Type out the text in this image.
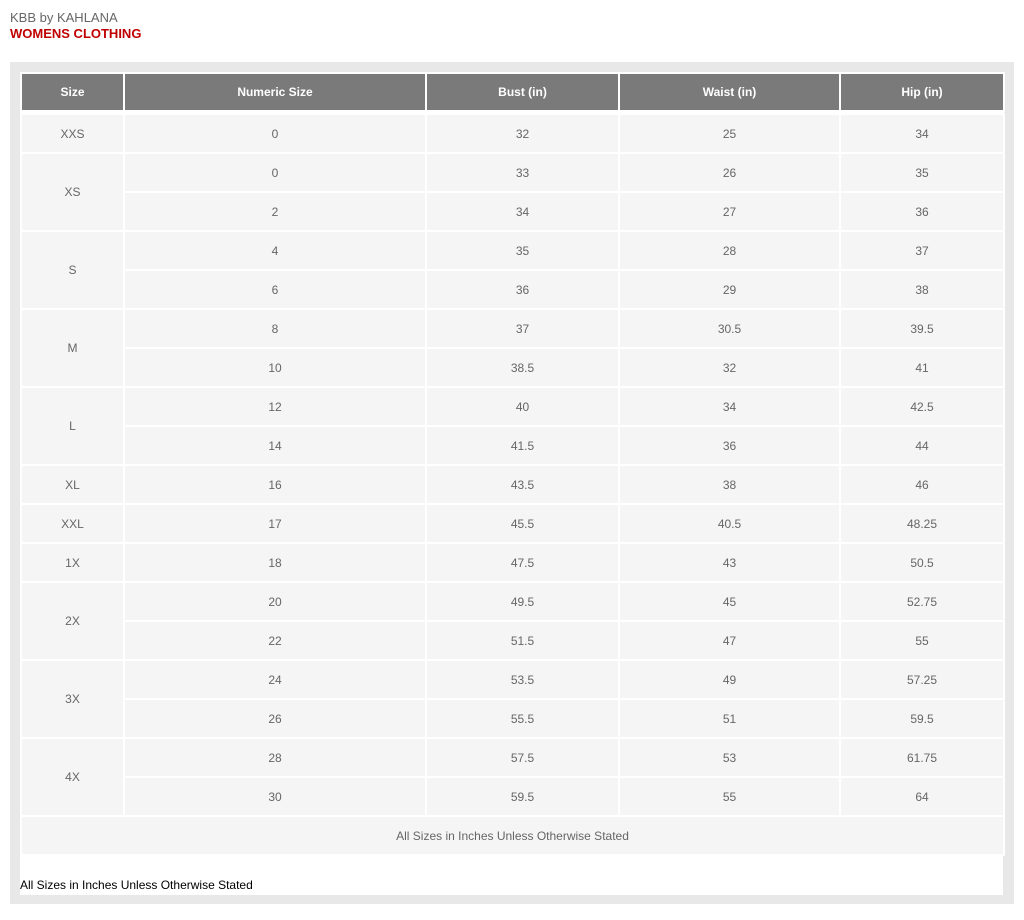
KBB by KAHLANA
WOMENS CLOTHING
Size	Numeric Size	Bust (in)	Waist (in)	Hip (in)

XXS	0	32	25	34
XS	0	33	26	35
	2	34	27	36
S	4	35	28	37
	6	36	29	38
M	8	37	30.5	39.5
	10	38.5	32	41
L	12	40	34	42.5
	14	41.5	36	44
XL	16	43.5	38	46
XXL	17	45.5	40.5	48.25
1X	18	47.5	43	50.5
2X	20	49.5	45	52.75
	22	51.5	47	55
3X	24	53.5	49	57.25
	26	55.5	51	59.5
4X	28	57.5	53	61.75
	30	59.5	55	64
All Sizes in Inches Unless Otherwise Stated				
All Sizes in Inches Unless Otherwise Stated
